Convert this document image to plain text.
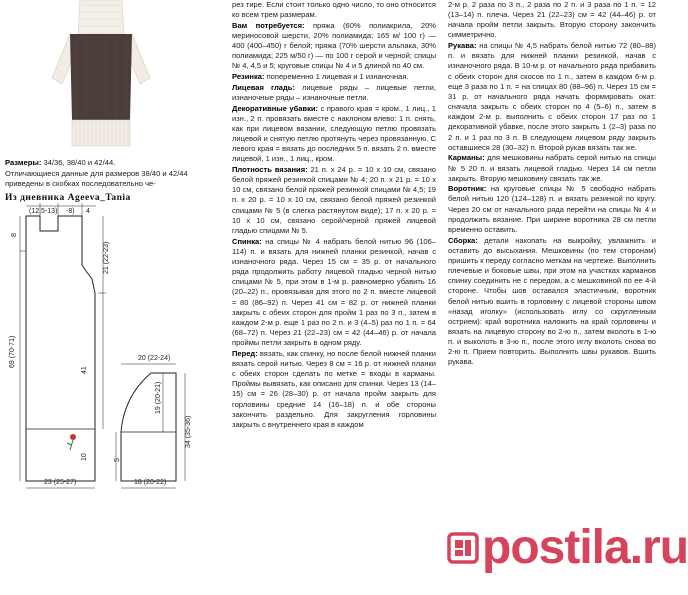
Размеры: 34/36, 38/40 и 42/44.
Отличающиеся данные для размеров 38/40 и 42/44 приведены в скобках последовательно че-
Из дневника Ageeva_Tania
(12,5-13) -8) 4
8
69 (70-71)
21 (22-23)
41
10
23 (25-27)
20 (22-24)
19 (20-21)
34 (35-36)
5
18 (20-22)

рез тире. Если стоит только одно число, то оно относится ко всем трем размерам.

Вам потребуется: пряжа (60% полиакрила, 20% мериносовой шерсти, 20% полиамида; 165 м/ 100 г) — 400 (400–450) г белой; пряжа (70% шерсти альпака, 30% полиамида; 225 м/50 г) — по 100 г серой и черной; спицы № 4, 4,5 и 5; круговые спицы № 4 и 5 длиной по 40 см.

Резинка: попеременно 1 лицевая и 1 изнаночная.

Лицевая гладь: лицевые ряды – лицевые петли, изнаночные ряды – изнаночные петли.

Декоративные убавки: с правого края = кром., 1 лиц., 1 изн., 2 п. провязать вместе с наклоном влево: 1 п. снять, как при лицевом вязании, следующую петлю провязать лицевой и снятую петлю протянуть через провязанную. С левого края = вязать до последних 5 п. вязать 2 п. вместе лицевой, 1 изн., 1 лиц., кром.

Плотность вязания: 21 п. x 24 р. = 10 x 10 см, связано белой пряжей резинкой спицами № 4; 20 п. x 21 р. = 10 x 10 см, связано белой пряжей резинкой спицами № 4,5; 19 п. x 20 р. = 10 x 10 см, связано белой пряжей резинкой спицами № 5 (в слегка растянутом виде); 17 п. x 20 р. = 10 x 10 см, связано серой/черной пряжей лицевой гладью спицами № 5.

Спинка: на спицы № 4 набрать белой нитью 96 (106–114) п. и вязать для нижней планки резинкой, начав с изнаночного ряда. Через 15 см = 35 р. от начального ряда продолжить работу лицевой гладью черной нитью спицами № 5, при этом в 1-м р. равномерно убавить 16 (20–22) п., провязывая для этого по 2 п. вместе лицевой = 80 (86–92) п. Через 41 см = 82 р. от нижней планки закрыть с обеих сторон для пройм 1 раз по 3 п., затем в каждом 2-м р. еще 1 раз по 2 п. и 3 (4–5) раз по 1 п. = 64 (68–72) п. Через 21 (22–23) см = 42 (44–46) р. от начала проймы петли закрыть в одном ряду.

Перед: вязать, как спинку, но после белой нижней планки вязать серой нитью. Через 8 см = 16 р. от нижней планки с обеих сторон сделать по метке = входы в карманы. Проймы вывязать, как описано для спинки. Через 13 (14–15) см = 26 (28–30) р. от начала пройм закрыть для горловины средние 14 (16–18) п. и обе стороны закончить раздельно. Для закругления горловины закрыть с внутреннего края в каждом

2-м р. 2 раза по 3 п., 2 раза по 2 п. и 3 раза по 1 п. = 12 (13–14) п. плеча. Через 21 (22–23) см = 42 (44–46) р. от начала пройм петли закрыть. Вторую сторону закончить симметрично.

Рукава: на спицы № 4,5 набрать белой нитью 72 (80–88) п. и вязать для нижней планки резинкой, начав с изнаночного ряда. В 10-м р. от начального ряда прибавить с обеих сторон для скосов по 1 п., затем в каждом 6-м р. еще 3 раза по 1 п. = на спицах 80 (88–96) п. Через 15 см = 31 р. от начального ряда начать формировать окат: сначала закрыть с обеих сторон по 4 (5–6) п., затем в каждом 2-м р. выполнить с обеих сторон 17 раз по 1 декоративной убавке, после этого закрыть 1 (2–3) раза по 2 п. и 1 раз по 3 п. В следующем лицевом ряду закрыть оставшиеся 28 (30–32) п. Второй рукав вязать так же.

Карманы: для мешковины набрать серой нитью на спицы № 5 20 п. и вязать лицевой гладью. Через 14 см петли закрыть. Вторую мешковину связать так же.

Воротник: на круговые спицы № 5 свободно набрать белой нитью 120 (124–128) п. и вязать резинкой по кругу. Через 20 см от начального ряда перейти на спицы № 4 и продолжить вязание. При ширине воротника 28 см петли временно оставить.

Сборка: детали накопать на выкройку, увлажнить и оставить до высыхания. Мешковины (по тем сторонам) пришить к переду согласно меткам на чертеже. Выполнить плечевые и боковые швы, при этом на участках карманов спинку соединить не с передом, а с мешковиной по ее 4-й стороне. Чтобы шов оставался эластичным, воротник белой нитью вшить в горловину с лицевой стороны швом «назад иголку» (использовать иглу со скругленным острием): край воротника наложить на край горловины и вязать на лицевую сторону во 2-ю п., затем вколоть в 1-ю п. и выколоть в 3-ю п., после этого иглу вколоть снова во 2-ю п. Прием повторить. Выполнить швы рукавов. Вшить рукава.

postila.ru
